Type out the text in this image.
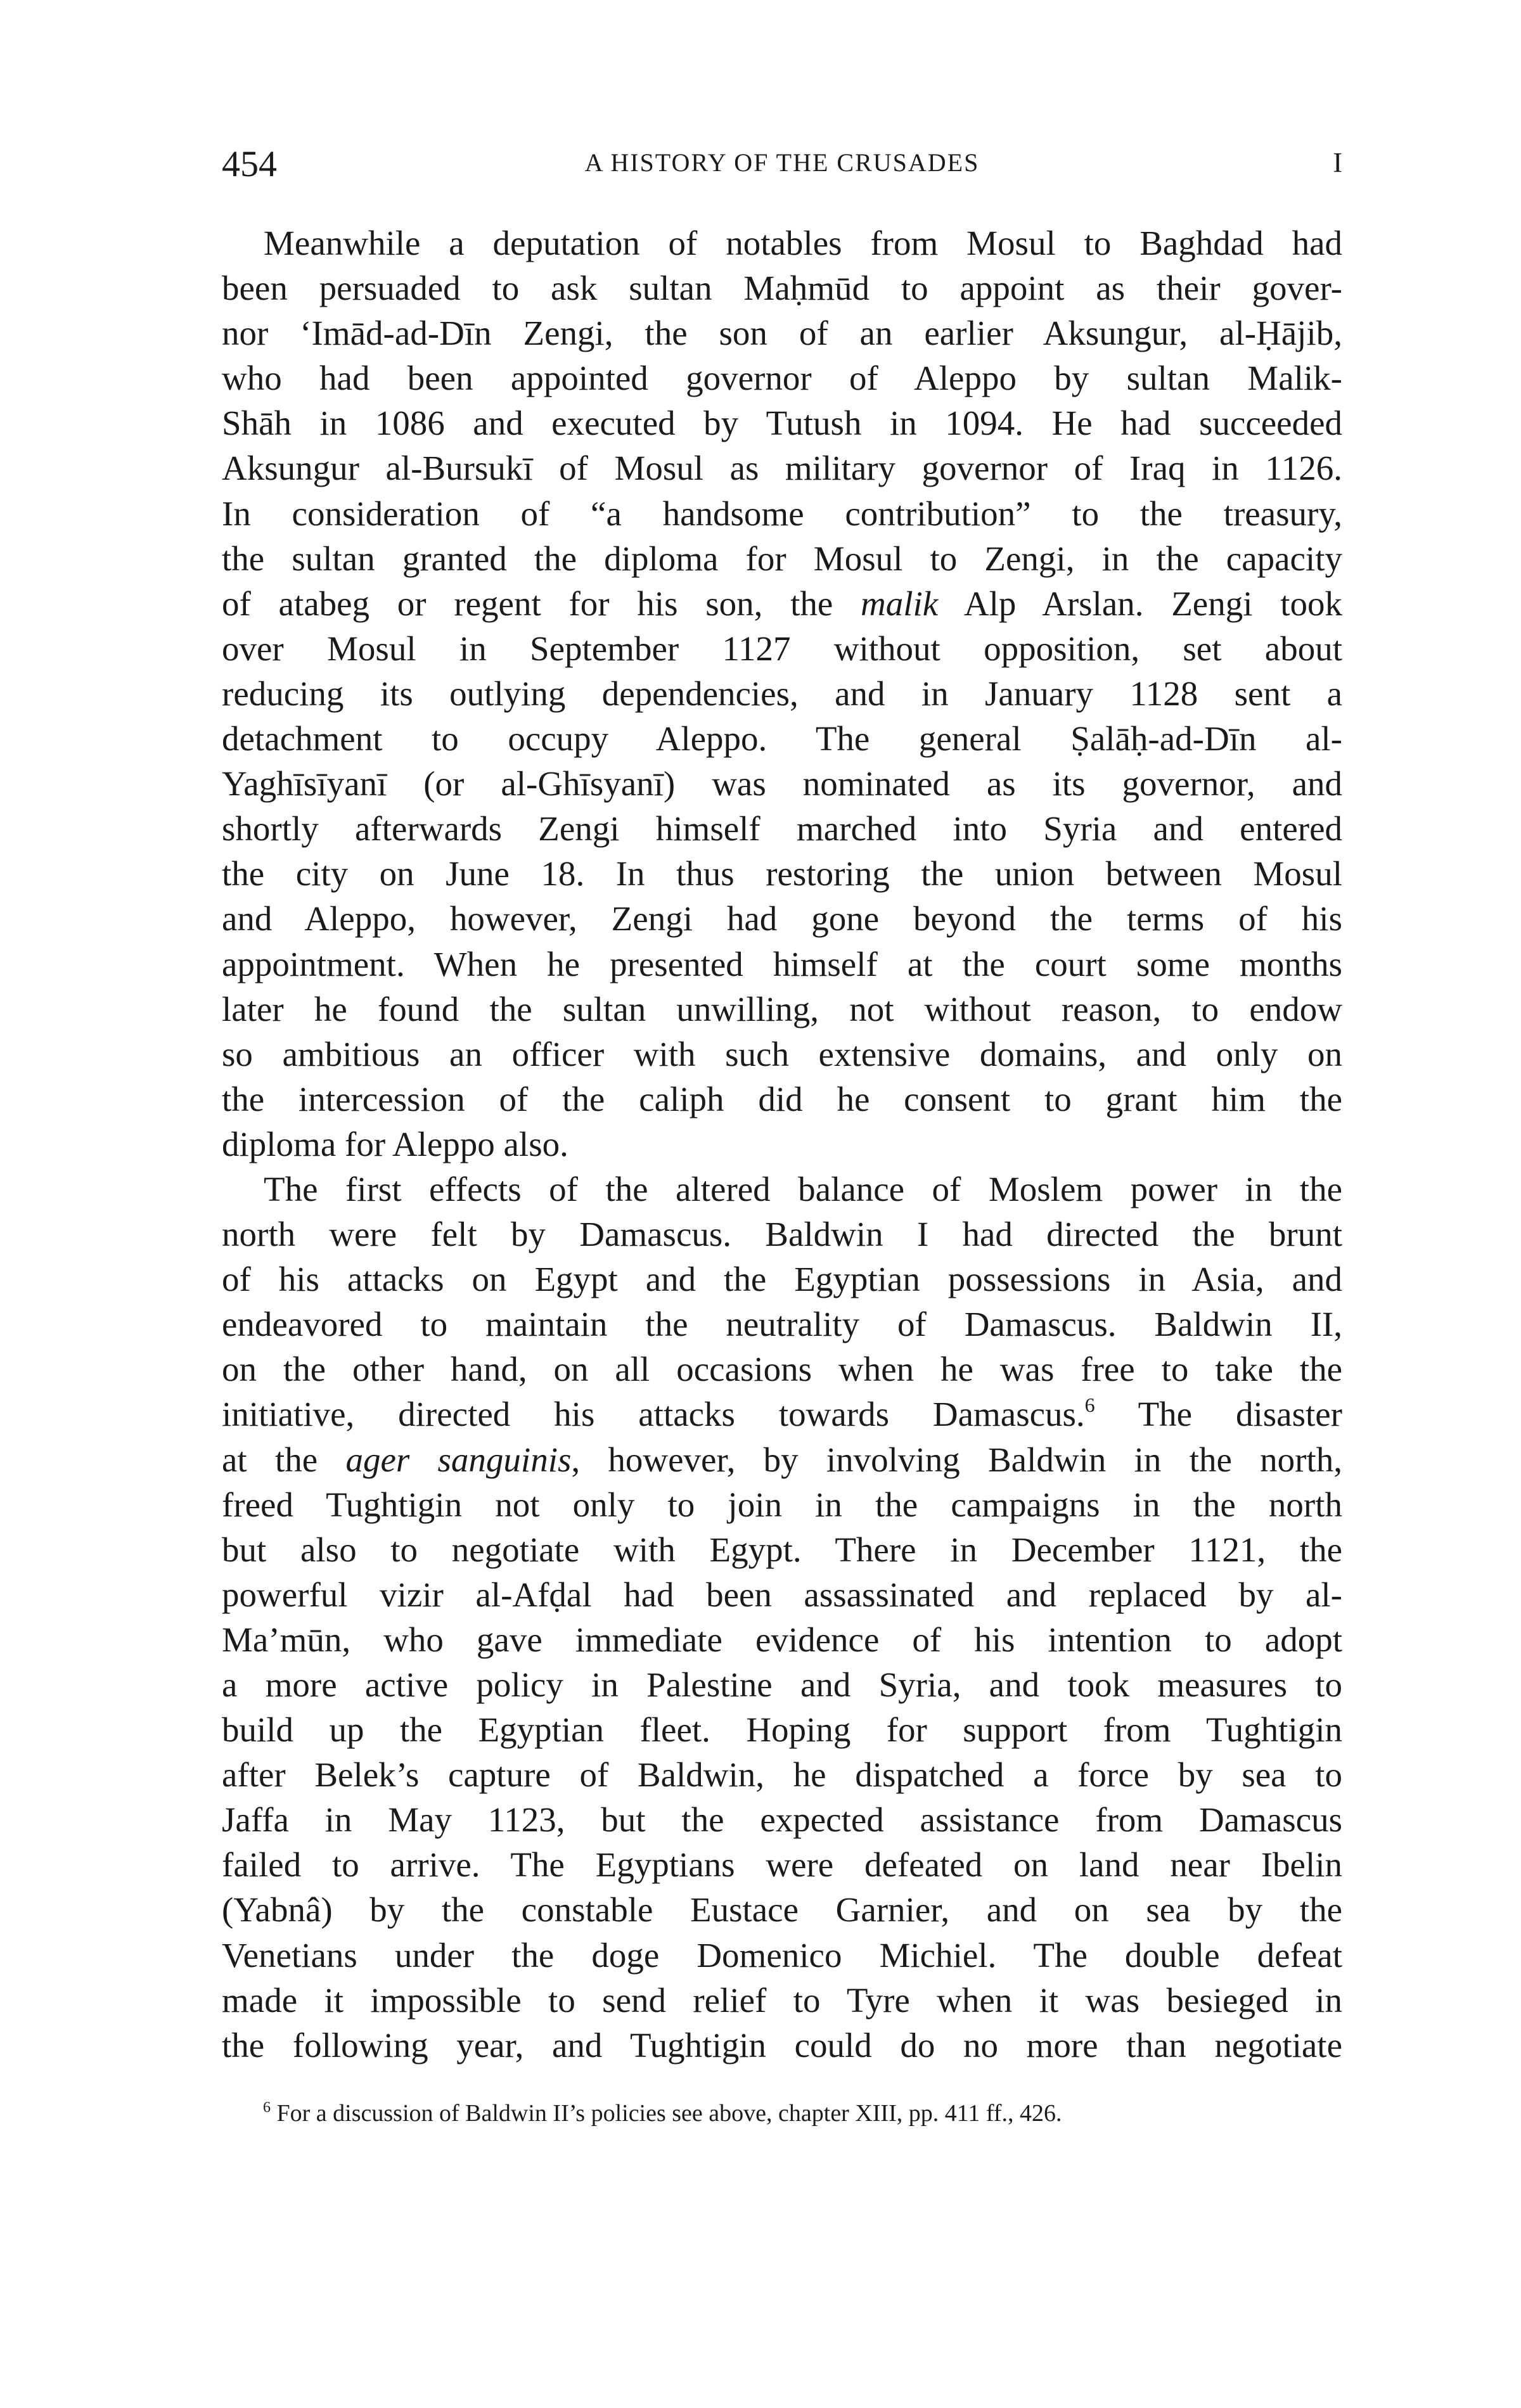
454	A HISTORY OF THE CRUSADES	I
Meanwhile a deputation of notables from Mosul to Baghdad had
been persuaded to ask sultan Maḥmūd to appoint as their gover-
nor ‘Imād-ad-Dīn Zengi, the son of an earlier Aksungur, al-Ḥājib,
who had been appointed governor of Aleppo by sultan Malik-
Shāh in 1086 and executed by Tutush in 1094. He had succeeded
Aksungur al-Bursukī of Mosul as military governor of Iraq in 1126.
In consideration of “a handsome contribution” to the treasury,
the sultan granted the diploma for Mosul to Zengi, in the capacity
of atabeg or regent for his son, the malik Alp Arslan. Zengi took
over Mosul in September 1127 without opposition, set about
reducing its outlying dependencies, and in January 1128 sent a
detachment to occupy Aleppo. The general Ṣalāḥ-ad-Dīn al-
Yaghīsīyanī (or al-Ghīsyanī) was nominated as its governor, and
shortly afterwards Zengi himself marched into Syria and entered
the city on June 18. In thus restoring the union between Mosul
and Aleppo, however, Zengi had gone beyond the terms of his
appointment. When he presented himself at the court some months
later he found the sultan unwilling, not without reason, to endow
so ambitious an officer with such extensive domains, and only on
the intercession of the caliph did he consent to grant him the
diploma for Aleppo also.
The first effects of the altered balance of Moslem power in the
north were felt by Damascus. Baldwin I had directed the brunt
of his attacks on Egypt and the Egyptian possessions in Asia, and
endeavored to maintain the neutrality of Damascus. Baldwin II,
on the other hand, on all occasions when he was free to take the
initiative, directed his attacks towards Damascus.$^6$ The disaster
at the ager sanguinis, however, by involving Baldwin in the north,
freed Tughtigin not only to join in the campaigns in the north
but also to negotiate with Egypt. There in December 1121, the
powerful vizir al-Afḍal had been assassinated and replaced by al-
Ma’mūn, who gave immediate evidence of his intention to adopt
a more active policy in Palestine and Syria, and took measures to
build up the Egyptian fleet. Hoping for support from Tughtigin
after Belek’s capture of Baldwin, he dispatched a force by sea to
Jaffa in May 1123, but the expected assistance from Damascus
failed to arrive. The Egyptians were defeated on land near Ibelin
(Yabnâ) by the constable Eustace Garnier, and on sea by the
Venetians under the doge Domenico Michiel. The double defeat
made it impossible to send relief to Tyre when it was besieged in
the following year, and Tughtigin could do no more than negotiate
$^6$ For a discussion of Baldwin II’s policies see above, chapter XIII, pp. 411 ff., 426.
